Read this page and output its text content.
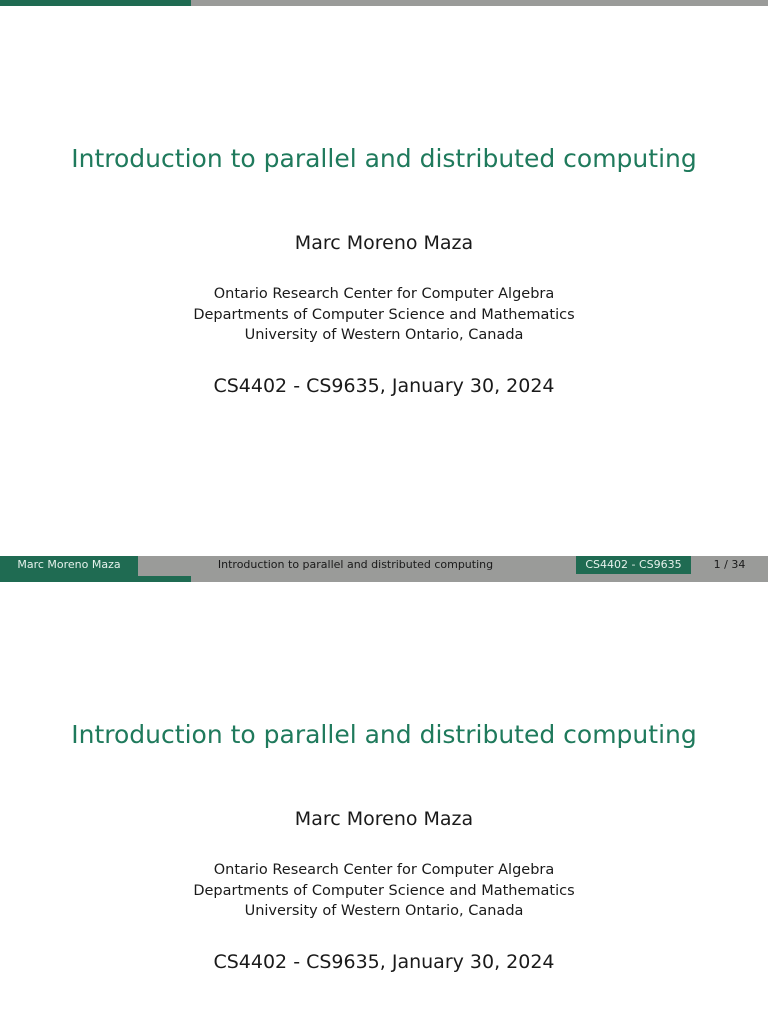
Introduction to parallel and distributed computing
Marc Moreno Maza
Ontario Research Center for Computer Algebra
Departments of Computer Science and Mathematics
University of Western Ontario, Canada
CS4402 - CS9635, January 30, 2024
Marc Moreno Maza	Introduction to parallel and distributed computing	CS4402 - CS9635	1 / 34
Introduction to parallel and distributed computing
Marc Moreno Maza
Ontario Research Center for Computer Algebra
Departments of Computer Science and Mathematics
University of Western Ontario, Canada
CS4402 - CS9635, January 30, 2024
